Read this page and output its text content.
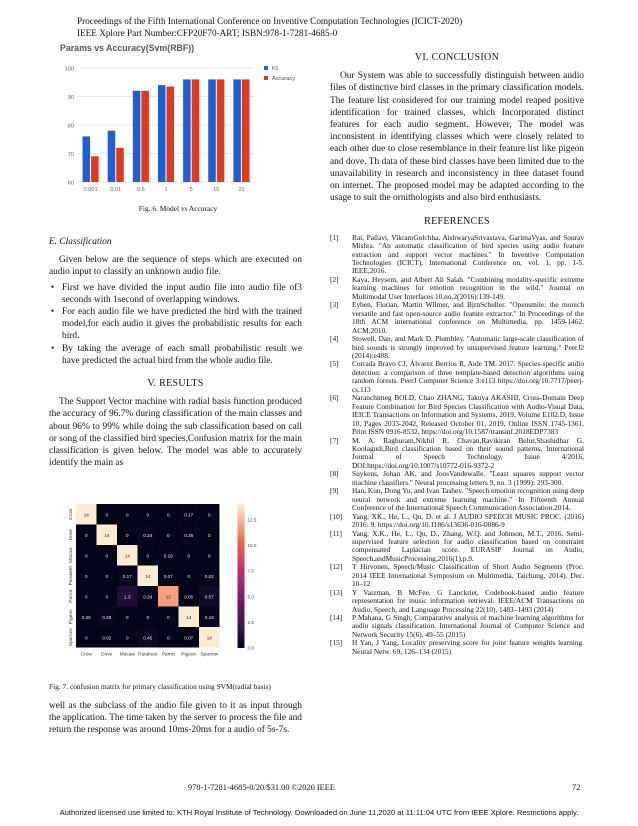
Proceedings of the Fifth International Conference on Inventive Computation Technologies (ICICT-2020)
IEEE Xplore Part Number:CFP20F70-ART; ISBN:978-1-7281-4685-0
Params vs Accuracy(Svm(RBF))
60
70
80
90
100
0.001 0.01	0.5	1	5	10	20
F1
Accuracy
Fig. 6. Model vs Accuracy
E. Classification
Given below are the sequence of steps which are executed on audio input to classify an unknown audio file.
• First we have divided the input audio file into audio file of3 seconds with 1second of overlapping windows.
• For each audio file we have predicted the bird with the trained model,for each audio it gives the probabilistic results for each bird.
• By taking the average of each small probabilistic result we have predicted the actual bird from the whole audio file.
V. RESULTS
The Support Vector machine with radial basis function produced the accuracy of 96.7% during classification of the main classes and about 96% to 99% while doing the sub classification based on call or song of the classified bird species.Confusion matrix for the main classification is given below. The model was able to accurately identify the main as
14	0	0	0	0	0.17	0
0	14	0	0.24	0	0.26	0
0	0	14	0	0.19	0	0
0	0	0.17	14	0.07	0	0.02
0	0	1.3	0.24	12	0.05	0.57
0.05	0.29	0	0	0	14	0.19
0	0.02	0	0.45	0	0.07	14
Crow
Crow
Dove
Dove
Macaw
Macaw
Parakeet
Parakeet
Parrot
Parrot
Pigeon
Pigeon
Sparrow
Sparrow
12.5
10.0
7.5
5.0
2.5
0.0
Fig. 7. confusion matrix for primary classification using SVM(radial basis)
well as the subclass of the audio file given to it as input through the application. The time taken by the server to process the file and return the response was around 10ms-20ms for a audio of 5s-7s.
VI. CONCLUSION
Our System was able to successfully distinguish between audio files of distinctive bird classes in the primary classification models. The feature list considered for our training model reaped positive identification for trained classes, which Incorporated distinct features for each audio segment. However, The model was inconsistent in identifying classes which were closely related to each other due to close resemblance in their feature list like pigeon and dove. Th data of these bird classes have been limited due to the unavailability in research and inconsistency in thee dataset found on internet. The proposed model may be adapted according to the usage to suit the ornithologists and also bird enthusiasts.
REFERENCES
[1] Rai, Pallavi, VikramGolchha, AishwaryaSrivastava, GarimaVyas, and Sourav Mishra. "An automatic classification of bird species using audio feature extraction and support vector machines." In Inventive Computation Technologies (ICICT), International Conference on, vol. 1, pp. 1-5. IEEE,2016.
[2] Kaya, Heysem, and Albert Ali Salah. "Combining modality-specific extreme learning machines for emotion recognition in the wild." Journal on Multimodal User Interfaces 10,no.2(2016):139-149.
[3] Eyben, Florian, Martin Wllmer, and BjrnSchuller. "Opensmile: the munich versatile and fast open-source audio feature extractor." In Proceedings of the 18th ACM international conference on Multimedia, pp. 1459-1462. ACM,2010.
[4] Stowell, Dan, and Mark D. Plumbley. "Automatic large-scale classification of bird sounds is strongly improved by unsupervised feature learning." PeerJ2 (2014):e488.
[5] Corrada Bravo CJ, Álvarez Berríos R, Aide TM. 2017. Species-specific audio detection: a comparison of three template-based detection algorithms using random forests. PeerJ Computer Science 3:e113 https://doi.org/10.7717/peerj-cs.113
[6] Naranchimeg BOLD, Chao ZHANG, Takuya AKASHI, Cross-Domain Deep Feature Combination for Bird Species Classification with Audio-Visual Data, IEICE Transactions on Information and Systems, 2019, Volume E102.D, Issue 10, Pages 2033-2042, Released October 01, 2019, Online ISSN 1745-1361, Print ISSN 0916-8532, https://doi.org/10.1587/transinf.2018EDP7383
[7] M. A. Raghuram,Nikhil R. Chavan,Ravikiran Belur,Shashidhar G. Koolagudi,Bird classification based on their sound patterns, International Journal of Speech Technology, Issue 4/2016, DOI:https://doi.org/10.1007/s10772-016-9372-2
[8] Suykens, Johan AK, and JoosVandewalle. "Least squares support vector machine classifiers." Neural processing letters 9, no. 3 (1999): 293-300.
[9] Han, Kun, Dong Yu, and Ivan Tashev. "Speech emotion recognition using deep neural network and extreme learning machine." In Fifteenth Annual Conference of the International Speech Communication Association.2014.
[10] Yang, XK., He, L., Qu, D. et al. J AUDIO SPEECH MUSIC PROC. (2016) 2016: 9. https://doi.org/10.1186/s13636-016-0086-9
[11] Yang, X.K., He, L., Qu, D., Zhang, W.Q. and Johnson, M.T., 2016. Semi-supervised feature selection for audio classification based on constraint compensated Laplacian score. EURASIP Journal on Audio, Speech,andMusicProcessing,2016(1),p.9.
[12] T Hirvonen, Speech/Music Classification of Short Audio Segments (Proc. 2014 IEEE International Symposium on Multimedia, Taichung, 2014). Dec. 10–12
[13] Y Vaizman, B McFee, G Lanckriet, Codebook-based audio feature representation for music information retrieval. IEEE/ACM Transactions on Audio, Speech, and Language Processing 22(10), 1483–1493 (2014)
[14] P Mahana, G Singh, Comparative analysis of machine learning algorithms for audio signals classification. International Journal of Computer Science and Network Security 15(6), 49–55 (2015)
[15] H Yan, J Yang, Locality preserving score for joint feature weights learning. Neural Netw. 69, 126–134 (2015)
978-1-7281-4685-0/20/$31.00 ©2020 IEEE	72
Authorized licensed use limited to: KTH Royal Institute of Technology. Downloaded on June 11,2020 at 11:11:04 UTC from IEEE Xplore. Restrictions apply.
